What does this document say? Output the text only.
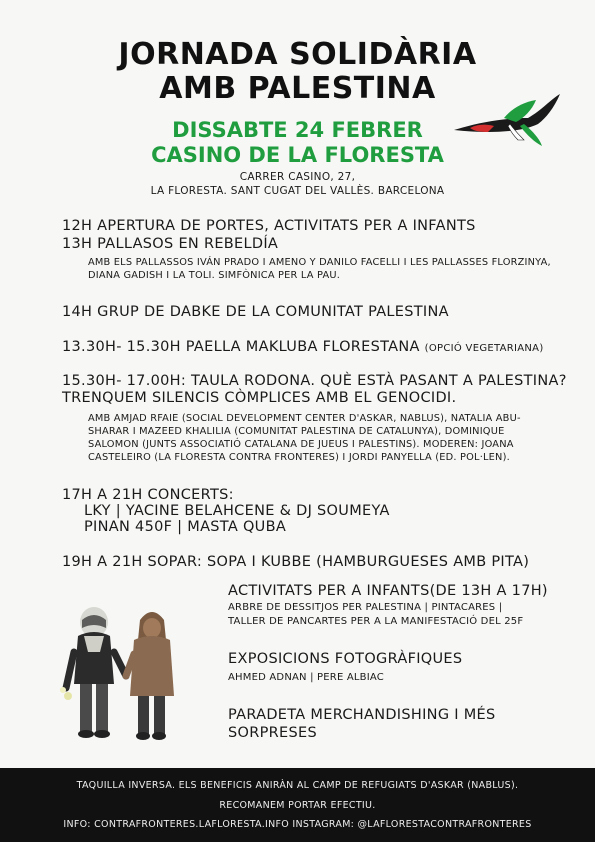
JORNADA SOLIDÀRIA
AMB PALESTINA
DISSABTE 24 FEBRER
CASINO DE LA FLORESTA
CARRER CASINO, 27,
LA FLORESTA. SANT CUGAT DEL VALLÈS. BARCELONA
12H APERTURA DE PORTES, ACTIVITATS PER A INFANTS
13H PALLASOS EN REBELDÍA
AMB ELS PALLASSOS IVÁN PRADO I AMENO Y DANILO FACELLI I LES PALLASSES FLORZINYA, DIANA GADISH I LA TOLI. SIMFÒNICA PER LA PAU.
14H GRUP DE DABKE DE LA COMUNITAT PALESTINA
13.30H- 15.30H PAELLA MAKLUBA FLORESTANA (OPCIÓ VEGETARIANA)
15.30H- 17.00H: TAULA RODONA. QUÈ ESTÀ PASANT A PALESTINA?
TRENQUEM SILENCIS CÒMPLICES AMB EL GENOCIDI.
AMB AMJAD RFAIE (SOCIAL DEVELOPMENT CENTER D'ASKAR, NABLUS), NATALIA ABU-SHARAR I MAZEED KHALILIA (COMUNITAT PALESTINA DE CATALUNYA), DOMINIQUE SALOMON (JUNTS ASSOCIATIÓ CATALANA DE JUEUS I PALESTINS). MODEREN: JOANA CASTELEIRO (LA FLORESTA CONTRA FRONTERES) I JORDI PANYELLA (ED. POL·LEN).
17H A 21H CONCERTS:
LKY | YACINE BELAHCENE & DJ SOUMEYA
PINAN 450F | MASTA QUBA
19H A 21H SOPAR: SOPA I KUBBE (HAMBURGUESES AMB PITA)
ACTIVITATS PER A INFANTS(DE 13H A 17H)
ARBRE DE DESSITJOS PER PALESTINA | PINTACARES |
TALLER DE PANCARTES PER A LA MANIFESTACIÓ DEL 25F
EXPOSICIONS FOTOGRÀFIQUES
AHMED ADNAN | PERE ALBIAC
PARADETA MERCHANDISHING I MÉS
SORPRESES
TAQUILLA INVERSA. ELS BENEFICIS ANIRÀN AL CAMP DE REFUGIATS D'ASKAR (NABLUS).
RECOMANEM PORTAR EFECTIU.
INFO: CONTRAFRONTERES.LAFLORESTA.INFO INSTAGRAM: @LAFLORESTACONTRAFRONTERES
